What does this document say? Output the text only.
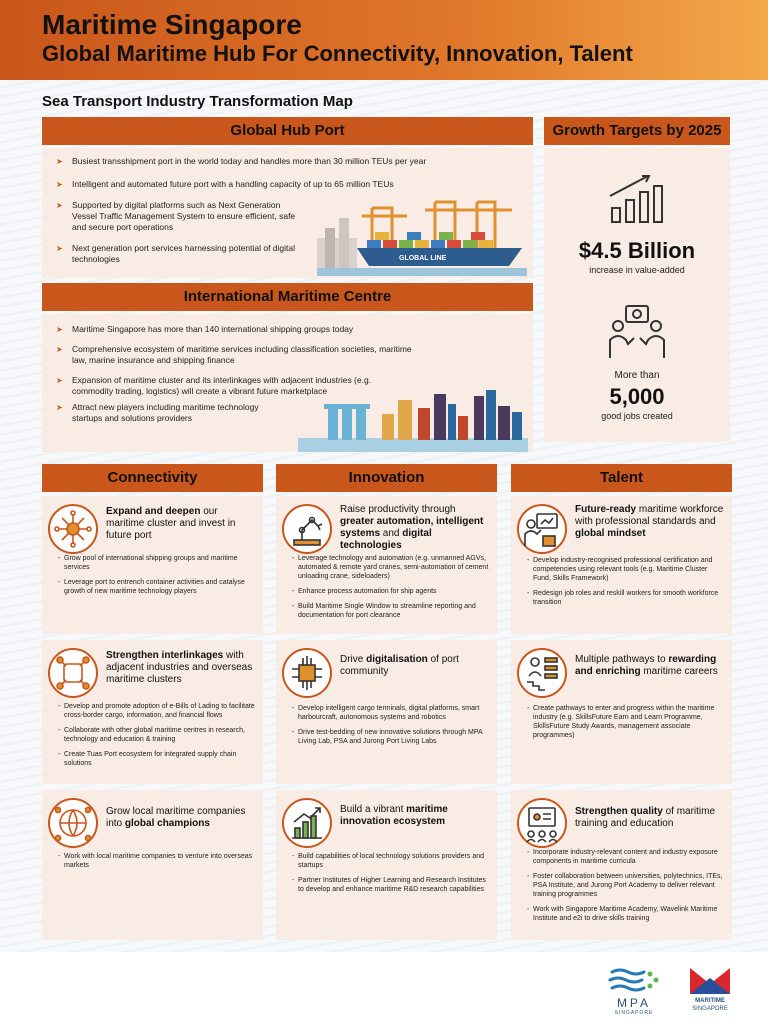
Maritime Singapore
Global Maritime Hub For Connectivity, Innovation, Talent
Sea Transport Industry Transformation Map
Global Hub Port
➤ Busiest transshipment port in the world today and handles more than 30 million TEUs per year
➤ Intelligent and automated future port with a handling capacity of up to 65 million TEUs
➤ Supported by digital platforms such as Next Generation Vessel Traffic Management System to ensure efficient, safe and secure port operations
➤ Next generation port services harnessing potential of digital technologies	GLOBAL LINE
International Maritime Centre
➤ Maritime Singapore has more than 140 international shipping groups today
➤ Comprehensive ecosystem of maritime services including classification societies, maritime law, marine insurance and shipping finance
➤ Expansion of maritime cluster and its interlinkages with adjacent industries (e.g. commodity trading, logistics) will create a vibrant future marketplace
➤ Attract new players including maritime technology startups and solutions providers
Growth Targets by 2025
$4.5 Billion
increase in value-added
More than
5,000
good jobs created
Connectivity	Innovation	Talent
Expand and deepen our maritime cluster and invest in future port
- Grow pool of international shipping groups and maritime services
- Leverage port to entrench container activities and catalyse growth of new maritime technology players
Strengthen interlinkages with adjacent industries and overseas maritime clusters
- Develop and promote adoption of e-Bills of Lading to facilitate cross-border cargo, information, and financial flows
- Collaborate with other global maritime centres in research, technology and education & training
- Create Tuas Port ecosystem for integrated supply chain solutions
Grow local maritime companies into global champions
- Work with local maritime companies to venture into overseas markets
Raise productivity through greater automation, intelligent systems and digital technologies
- Leverage technology and automation (e.g. unmanned AGVs, automated & remote yard cranes, semi-automation of cement unloading crane, sideloaders)
- Enhance process automation for ship agents
- Build Maritime Single Window to streamline reporting and documentation for port clearance
Drive digitalisation of port community
- Develop intelligent cargo terminals, digital platforms, smart harbourcraft, autonomous systems and robotics
- Drive test-bedding of new innovative solutions through MPA Living Lab, PSA and Jurong Port Living Labs
Build a vibrant maritime innovation ecosystem
- Build capabilities of local technology solutions providers and startups
- Partner Institutes of Higher Learning and Research Institutes to develop and enhance maritime R&D research capabilities
Future-ready maritime workforce with professional standards and global mindset
- Develop industry-recognised professional certification and competencies using relevant tools (e.g. Maritime Cluster Fund, Skills Framework)
- Redesign job roles and reskill workers for smooth workforce transition
Multiple pathways to rewarding and enriching maritime careers
- Create pathways to enter and progress within the maritime industry (e.g. SkillsFuture Earn and Learn Programme, SkillsFuture Study Awards, management associate programmes)
Strengthen quality of maritime training and education
- Incorporate industry-relevant content and industry exposure components in maritime curricula
- Foster collaboration between universities, polytechnics, ITEs, PSA Institute, and Jurong Port Academy to deliver relevant training programmes
- Work with Singapore Maritime Academy, Wavelink Maritime Institute and e2i to drive skills training
MPA
SINGAPORE
MARITIME
SINGAPORE
